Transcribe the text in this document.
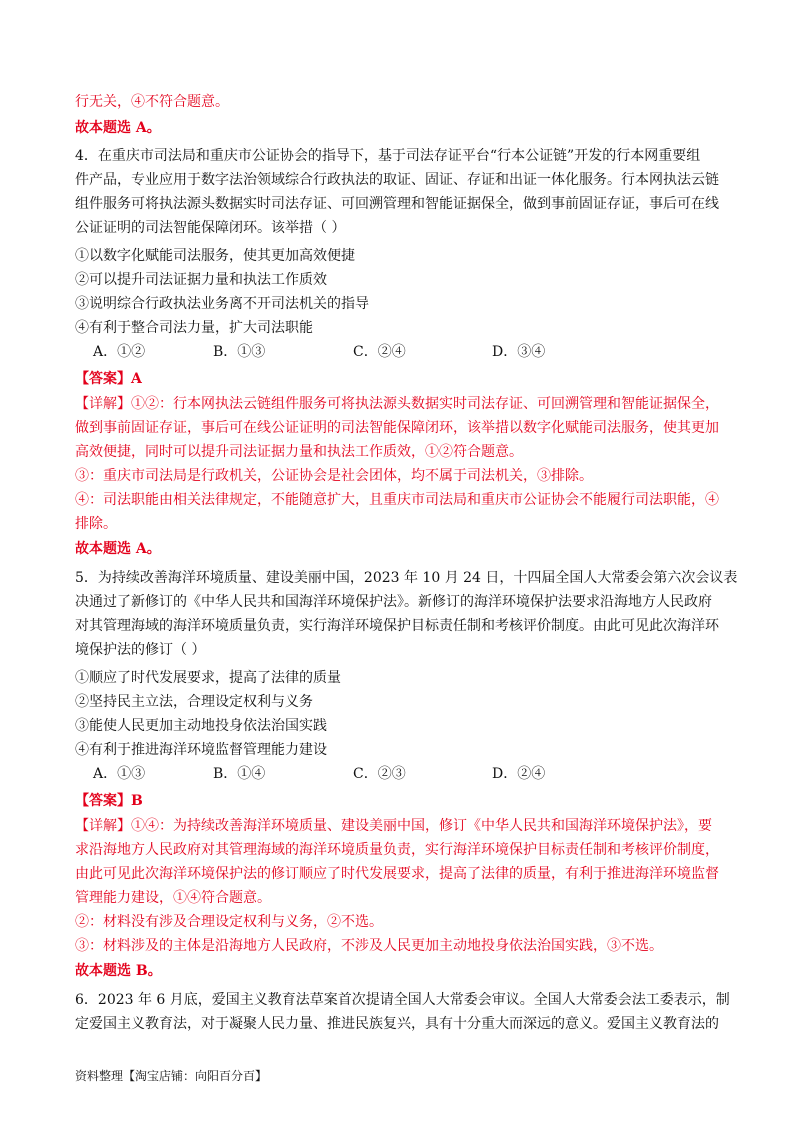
行无关，④不符合题意。
故本题选 A。
4．在重庆市司法局和重庆市公证协会的指导下，基于司法存证平台“行本公证链”开发的行本网重要组
件产品，专业应用于数字法治领域综合行政执法的取证、固证、存证和出证一体化服务。行本网执法云链
组件服务可将执法源头数据实时司法存证、可回溯管理和智能证据保全，做到事前固证存证，事后可在线
公证证明的司法智能保障闭环。该举措（ ）
①以数字化赋能司法服务，使其更加高效便捷
②可以提升司法证据力量和执法工作质效
③说明综合行政执法业务离不开司法机关的指导
④有利于整合司法力量，扩大司法职能
A．①②	B．①③	C．②④	D．③④
【答案】A
【详解】①②：行本网执法云链组件服务可将执法源头数据实时司法存证、可回溯管理和智能证据保全，
做到事前固证存证，事后可在线公证证明的司法智能保障闭环，该举措以数字化赋能司法服务，使其更加
高效便捷，同时可以提升司法证据力量和执法工作质效，①②符合题意。
③：重庆市司法局是行政机关，公证协会是社会团体，均不属于司法机关，③排除。
④：司法职能由相关法律规定，不能随意扩大，且重庆市司法局和重庆市公证协会不能履行司法职能，④
排除。
故本题选 A。
5．为持续改善海洋环境质量、建设美丽中国，2023 年 10 月 24 日，十四届全国人大常委会第六次会议表
决通过了新修订的《中华人民共和国海洋环境保护法》。新修订的海洋环境保护法要求沿海地方人民政府
对其管理海域的海洋环境质量负责，实行海洋环境保护目标责任制和考核评价制度。由此可见此次海洋环
境保护法的修订（ ）
①顺应了时代发展要求，提高了法律的质量
②坚持民主立法，合理设定权利与义务
③能使人民更加主动地投身依法治国实践
④有利于推进海洋环境监督管理能力建设
A．①③	B．①④	C．②③	D．②④
【答案】B
【详解】①④：为持续改善海洋环境质量、建设美丽中国，修订《中华人民共和国海洋环境保护法》，要
求沿海地方人民政府对其管理海域的海洋环境质量负责，实行海洋环境保护目标责任制和考核评价制度，
由此可见此次海洋环境保护法的修订顺应了时代发展要求，提高了法律的质量，有利于推进海洋环境监督
管理能力建设，①④符合题意。
②：材料没有涉及合理设定权利与义务，②不选。
③：材料涉及的主体是沿海地方人民政府，不涉及人民更加主动地投身依法治国实践，③不选。
故本题选 B。
6．2023 年 6 月底，爱国主义教育法草案首次提请全国人大常委会审议。全国人大常委会法工委表示，制
定爱国主义教育法，对于凝聚人民力量、推进民族复兴，具有十分重大而深远的意义。爱国主义教育法的
资料整理【淘宝店铺：向阳百分百】
